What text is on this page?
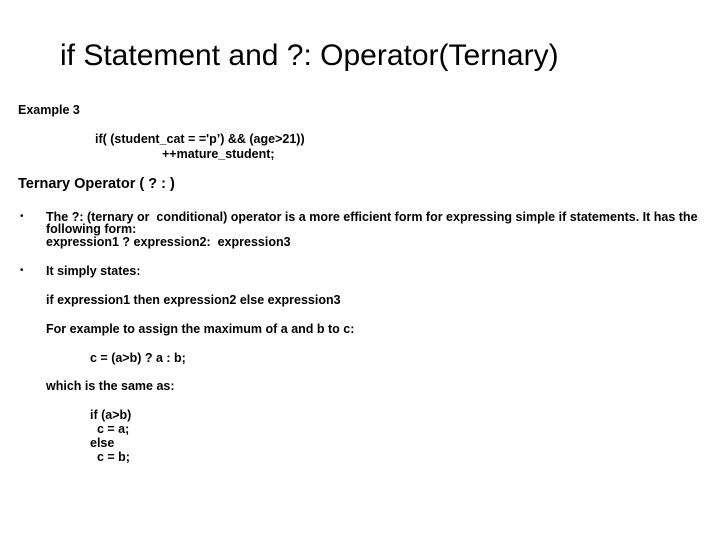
if Statement and ?: Operator(Ternary)
Example 3
if( (student_cat = ='p’) && (age>21))
++mature_student;
Ternary Operator ( ? : )
• The ?: (ternary or  conditional) operator is a more efficient form for expressing simple if statements. It has the
following form:
expression1 ? expression2:  expression3
• It simply states:
if expression1 then expression2 else expression3
For example to assign the maximum of a and b to c:
c = (a>b) ? a : b;
which is the same as:
if (a>b)
c = a;
else
c = b;
